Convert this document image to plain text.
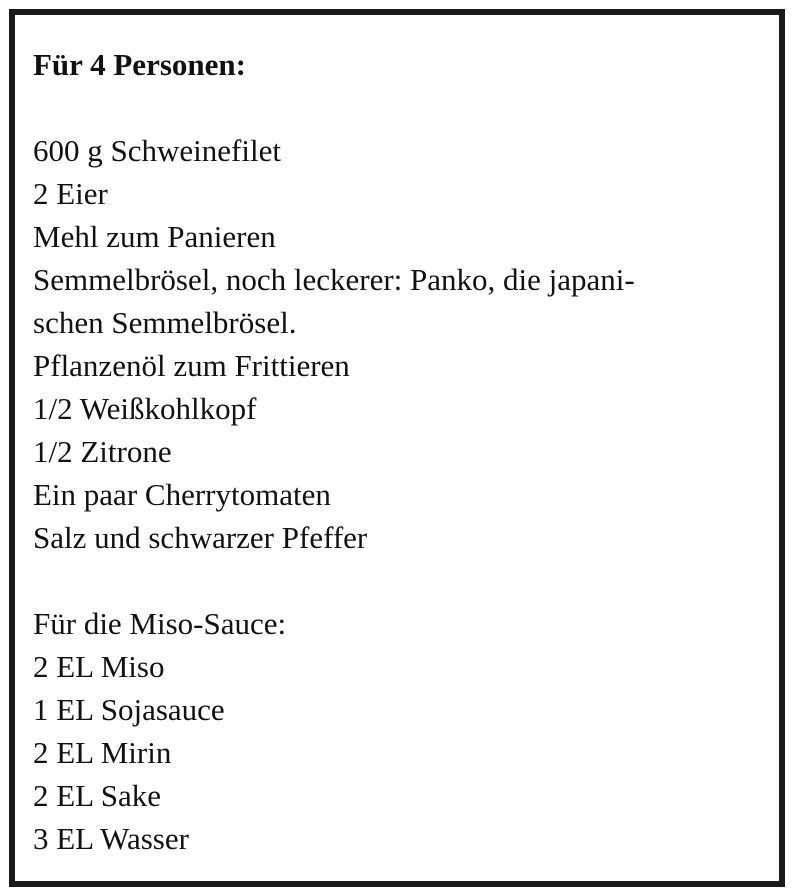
Für 4 Personen:
600 g Schweinefilet
2 Eier
Mehl zum Panieren
Semmelbrösel, noch leckerer: Panko, die japani-
schen Semmelbrösel.
Pflanzenöl zum Frittieren
1/2 Weißkohlkopf
1/2 Zitrone
Ein paar Cherrytomaten
Salz und schwarzer Pfeffer
Für die Miso-Sauce:
2 EL Miso
1 EL Sojasauce
2 EL Mirin
2 EL Sake
3 EL Wasser
